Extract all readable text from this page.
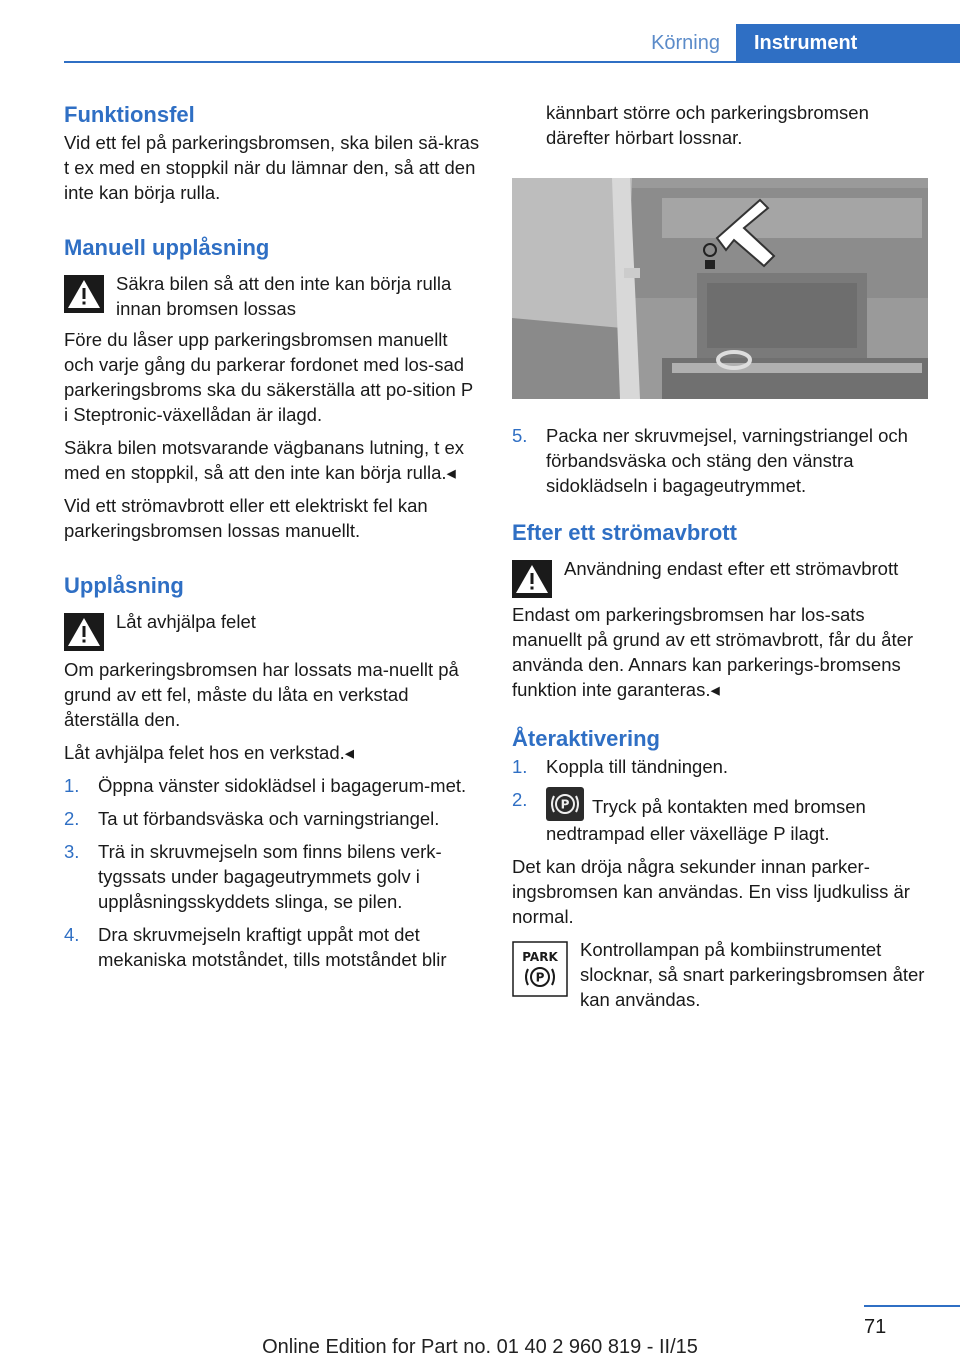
Körning	Instrument
Funktionsfel

Vid ett fel på parkeringsbromsen, ska bilen sä-kras t ex med en stoppkil när du lämnar den, så att den inte kan börja rulla.

Manuell upplåsning

Säkra bilen så att den inte kan börja rulla innan bromsen lossas

Före du låser upp parkeringsbromsen manuellt och varje gång du parkerar fordonet med los-sad parkeringsbroms ska du säkerställa att po-sition P i Steptronic-växellådan är ilagd.

Säkra bilen motsvarande vägbanans lutning, t ex med en stoppkil, så att den inte kan börja rulla.◂

Vid ett strömavbrott eller ett elektriskt fel kan parkeringsbromsen lossas manuellt.

Upplåsning

Låt avhjälpa felet

Om parkeringsbromsen har lossats ma-nuellt på grund av ett fel, måste du låta en verkstad återställa den.

Låt avhjälpa felet hos en verkstad.◂

1.	Öppna vänster sidoklädsel i bagagerum-met.
2.	Ta ut förbandsväska och varningstriangel.
3.	Trä in skruvmejseln som finns bilens verk-tygssats under bagageutrymmets golv i upplåsningsskyddets slinga, se pilen.
4.	Dra skruvmejseln kraftigt uppåt mot det mekaniska motståndet, tills motståndet blir

kännbart större och parkeringsbromsen därefter hörbart lossnar.

5.	Packa ner skruvmejsel, varningstriangel och förbandsväska och stäng den vänstra sidoklädseln i bagageutrymmet.
Efter ett strömavbrott

Användning endast efter ett strömavbrott

Endast om parkeringsbromsen har los-sats manuellt på grund av ett strömavbrott, får du åter använda den. Annars kan parkerings-bromsens funktion inte garanteras.◂

Återaktivering
1.	Koppla till tändningen.
2.	P Tryck på kontakten med bromsen nedtrampad eller växelläge P ilagt.

Det kan dröja några sekunder innan parker-ingsbromsen kan användas. En viss ljudkuliss är normal.

PARK
P

Kontrollampan på kombiinstrumentet slocknar, så snart parkeringsbromsen åter kan användas.

71
Online Edition for Part no. 01 40 2 960 819 - II/15
